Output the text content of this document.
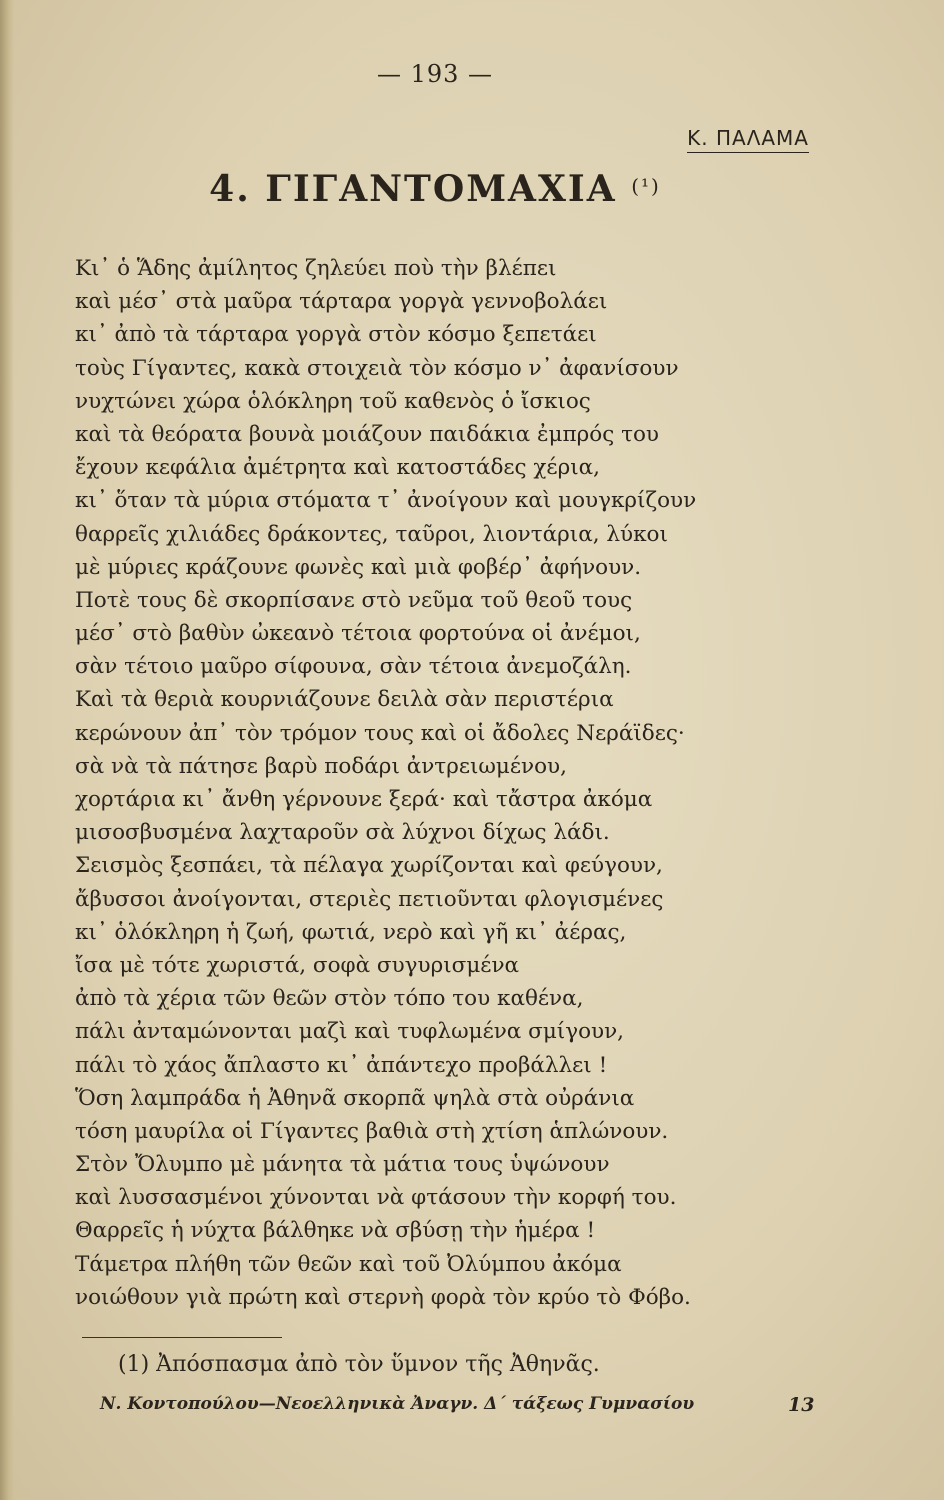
— 193 —
Κ. ΠΑΛΑΜΑ
4. ΓΙΓΑΝΤΟΜΑΧΙΑ $^{(^1)}$
Κι᾿ ὁ Ἅδης ἀμίλητος ζηλεύει ποὺ τὴν βλέπει
καὶ μέσ᾿ στὰ μαῦρα τάρταρα γοργὰ γεννοβολάει
κι᾿ ἀπὸ τὰ τάρταρα γοργὰ στὸν κόσμο ξεπετάει
τοὺς Γίγαντες, κακὰ στοιχειὰ τὸν κόσμο ν᾿ ἀφανίσουν
νυχτώνει χώρα ὁλόκληρη τοῦ καθενὸς ὁ ἴσκιος
καὶ τὰ θεόρατα βουνὰ μοιάζουν παιδάκια ἐμπρός του
ἔχουν κεφάλια ἀμέτρητα καὶ κατοστάδες χέρια,
κι᾿ ὅταν τὰ μύρια στόματα τ᾿ ἀνοίγουν καὶ μουγκρίζουν
θαρρεῖς χιλιάδες δράκοντες, ταῦροι, λιοντάρια, λύκοι
μὲ μύριες κράζουνε φωνὲς καὶ μιὰ φοβέρ᾿ ἀφήνουν.
Ποτὲ τους δὲ σκορπίσανε στὸ νεῦμα τοῦ θεοῦ τους
μέσ᾿ στὸ βαθὺν ὠκεανὸ τέτοια φορτούνα οἱ ἀνέμοι,
σὰν τέτοιο μαῦρο σίφουνα, σὰν τέτοια ἀνεμοζάλη.
Καὶ τὰ θεριὰ κουρνιάζουνε δειλὰ σὰν περιστέρια
κερώνουν ἀπ᾿ τὸν τρόμον τους καὶ οἱ ἄδολες Νεράϊδες·
σὰ νὰ τὰ πάτησε βαρὺ ποδάρι ἀντρειωμένου,
χορτάρια κι᾿ ἄνθη γέρνουνε ξερά· καὶ τἄστρα ἀκόμα
μισοσβυσμένα λαχταροῦν σὰ λύχνοι δίχως λάδι.
Σεισμὸς ξεσπάει, τὰ πέλαγα χωρίζονται καὶ φεύγουν,
ἄβυσσοι ἀνοίγονται, στεριὲς πετιοῦνται φλογισμένες
κι᾿ ὁλόκληρη ἡ ζωή, φωτιά, νερὸ καὶ γῆ κι᾿ ἀέρας,
ἴσα μὲ τότε χωριστά, σοφὰ συγυρισμένα
ἀπὸ τὰ χέρια τῶν θεῶν στὸν τόπο του καθένα,
πάλι ἀνταμώνονται μαζὶ καὶ τυφλωμένα σμίγουν,
πάλι τὸ χάος ἄπλαστο κι᾿ ἀπάντεχο προβάλλει !
Ὅση λαμπράδα ἡ Ἀθηνᾶ σκορπᾶ ψηλὰ στὰ οὐράνια
τόση μαυρίλα οἱ Γίγαντες βαθιὰ στὴ χτίση ἁπλώνουν.
Στὸν Ὄλυμπο μὲ μάνητα τὰ μάτια τους ὑψώνουν
καὶ λυσσασμένοι χύνονται νὰ φτάσουν τὴν κορφή του.
Θαρρεῖς ἡ νύχτα βάλθηκε νὰ σβύσῃ τὴν ἡμέρα !
Τάμετρα πλήθη τῶν θεῶν καὶ τοῦ Ὀλύμπου ἀκόμα
νοιώθουν γιὰ πρώτη καὶ στερνὴ φορὰ τὸν κρύο τὸ Φόβο.
(1) Ἀπόσπασμα ἀπὸ τὸν ὕμνον τῆς Ἀθηνᾶς.
Ν. Κοντοπούλου—Νεοελληνικὰ Ἀναγν. Δ΄ τάξεως Γυμνασίου	13
